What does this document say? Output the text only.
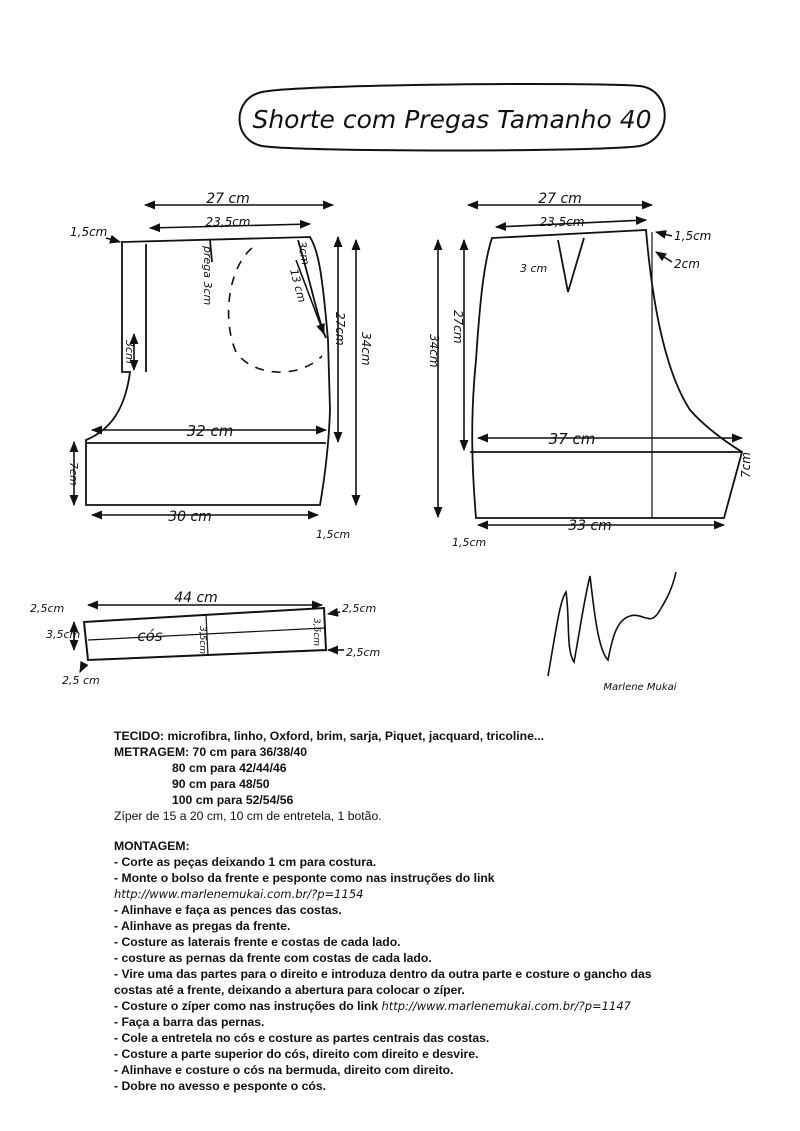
Shorte com Pregas Tamanho 40
27 cm
23,5cm
1,5cm
prega 3cm	3cm
13 cm
27cm
34cm
32 cm
30 cm
7cm
3cm
1,5cm
27 cm
23,5cm
1,5cm
2cm
3 cm
27cm
34cm
37 cm
33 cm
7cm
1,5cm
44 cm
cós
2,5cm
3,5cm	3,5cm	3,5cm
2,5cm
2,5cm
2,5 cm
Marlene Mukai
TECIDO: microfibra, linho, Oxford, brim, sarja, Piquet, jacquard, tricoline...
METRAGEM: 70 cm para 36/38/40
80 cm para 42/44/46
90 cm para 48/50
100 cm para 52/54/56
Zíper de 15 a 20 cm, 10 cm de entretela, 1 botão.
MONTAGEM:
- Corte as peças deixando 1 cm para costura.
- Monte o bolso da frente e pesponte como nas instruções do link
http://www.marlenemukai.com.br/?p=1154
- Alinhave e faça as pences das costas.
- Alinhave as pregas da frente.
- Costure as laterais frente e costas de cada lado.
- costure as pernas da frente com costas de cada lado.
- Vire uma das partes para o direito e introduza dentro da outra parte e costure o gancho das
costas até a frente, deixando a abertura para colocar o zíper.
- Costure o zíper como nas instruções do link http://www.marlenemukai.com.br/?p=1147
- Faça a barra das pernas.
- Cole a entretela no cós e costure as partes centrais das costas.
- Costure a parte superior do cós, direito com direito e desvire.
- Alinhave e costure o cós na bermuda, direito com direito.
- Dobre no avesso e pesponte o cós.
